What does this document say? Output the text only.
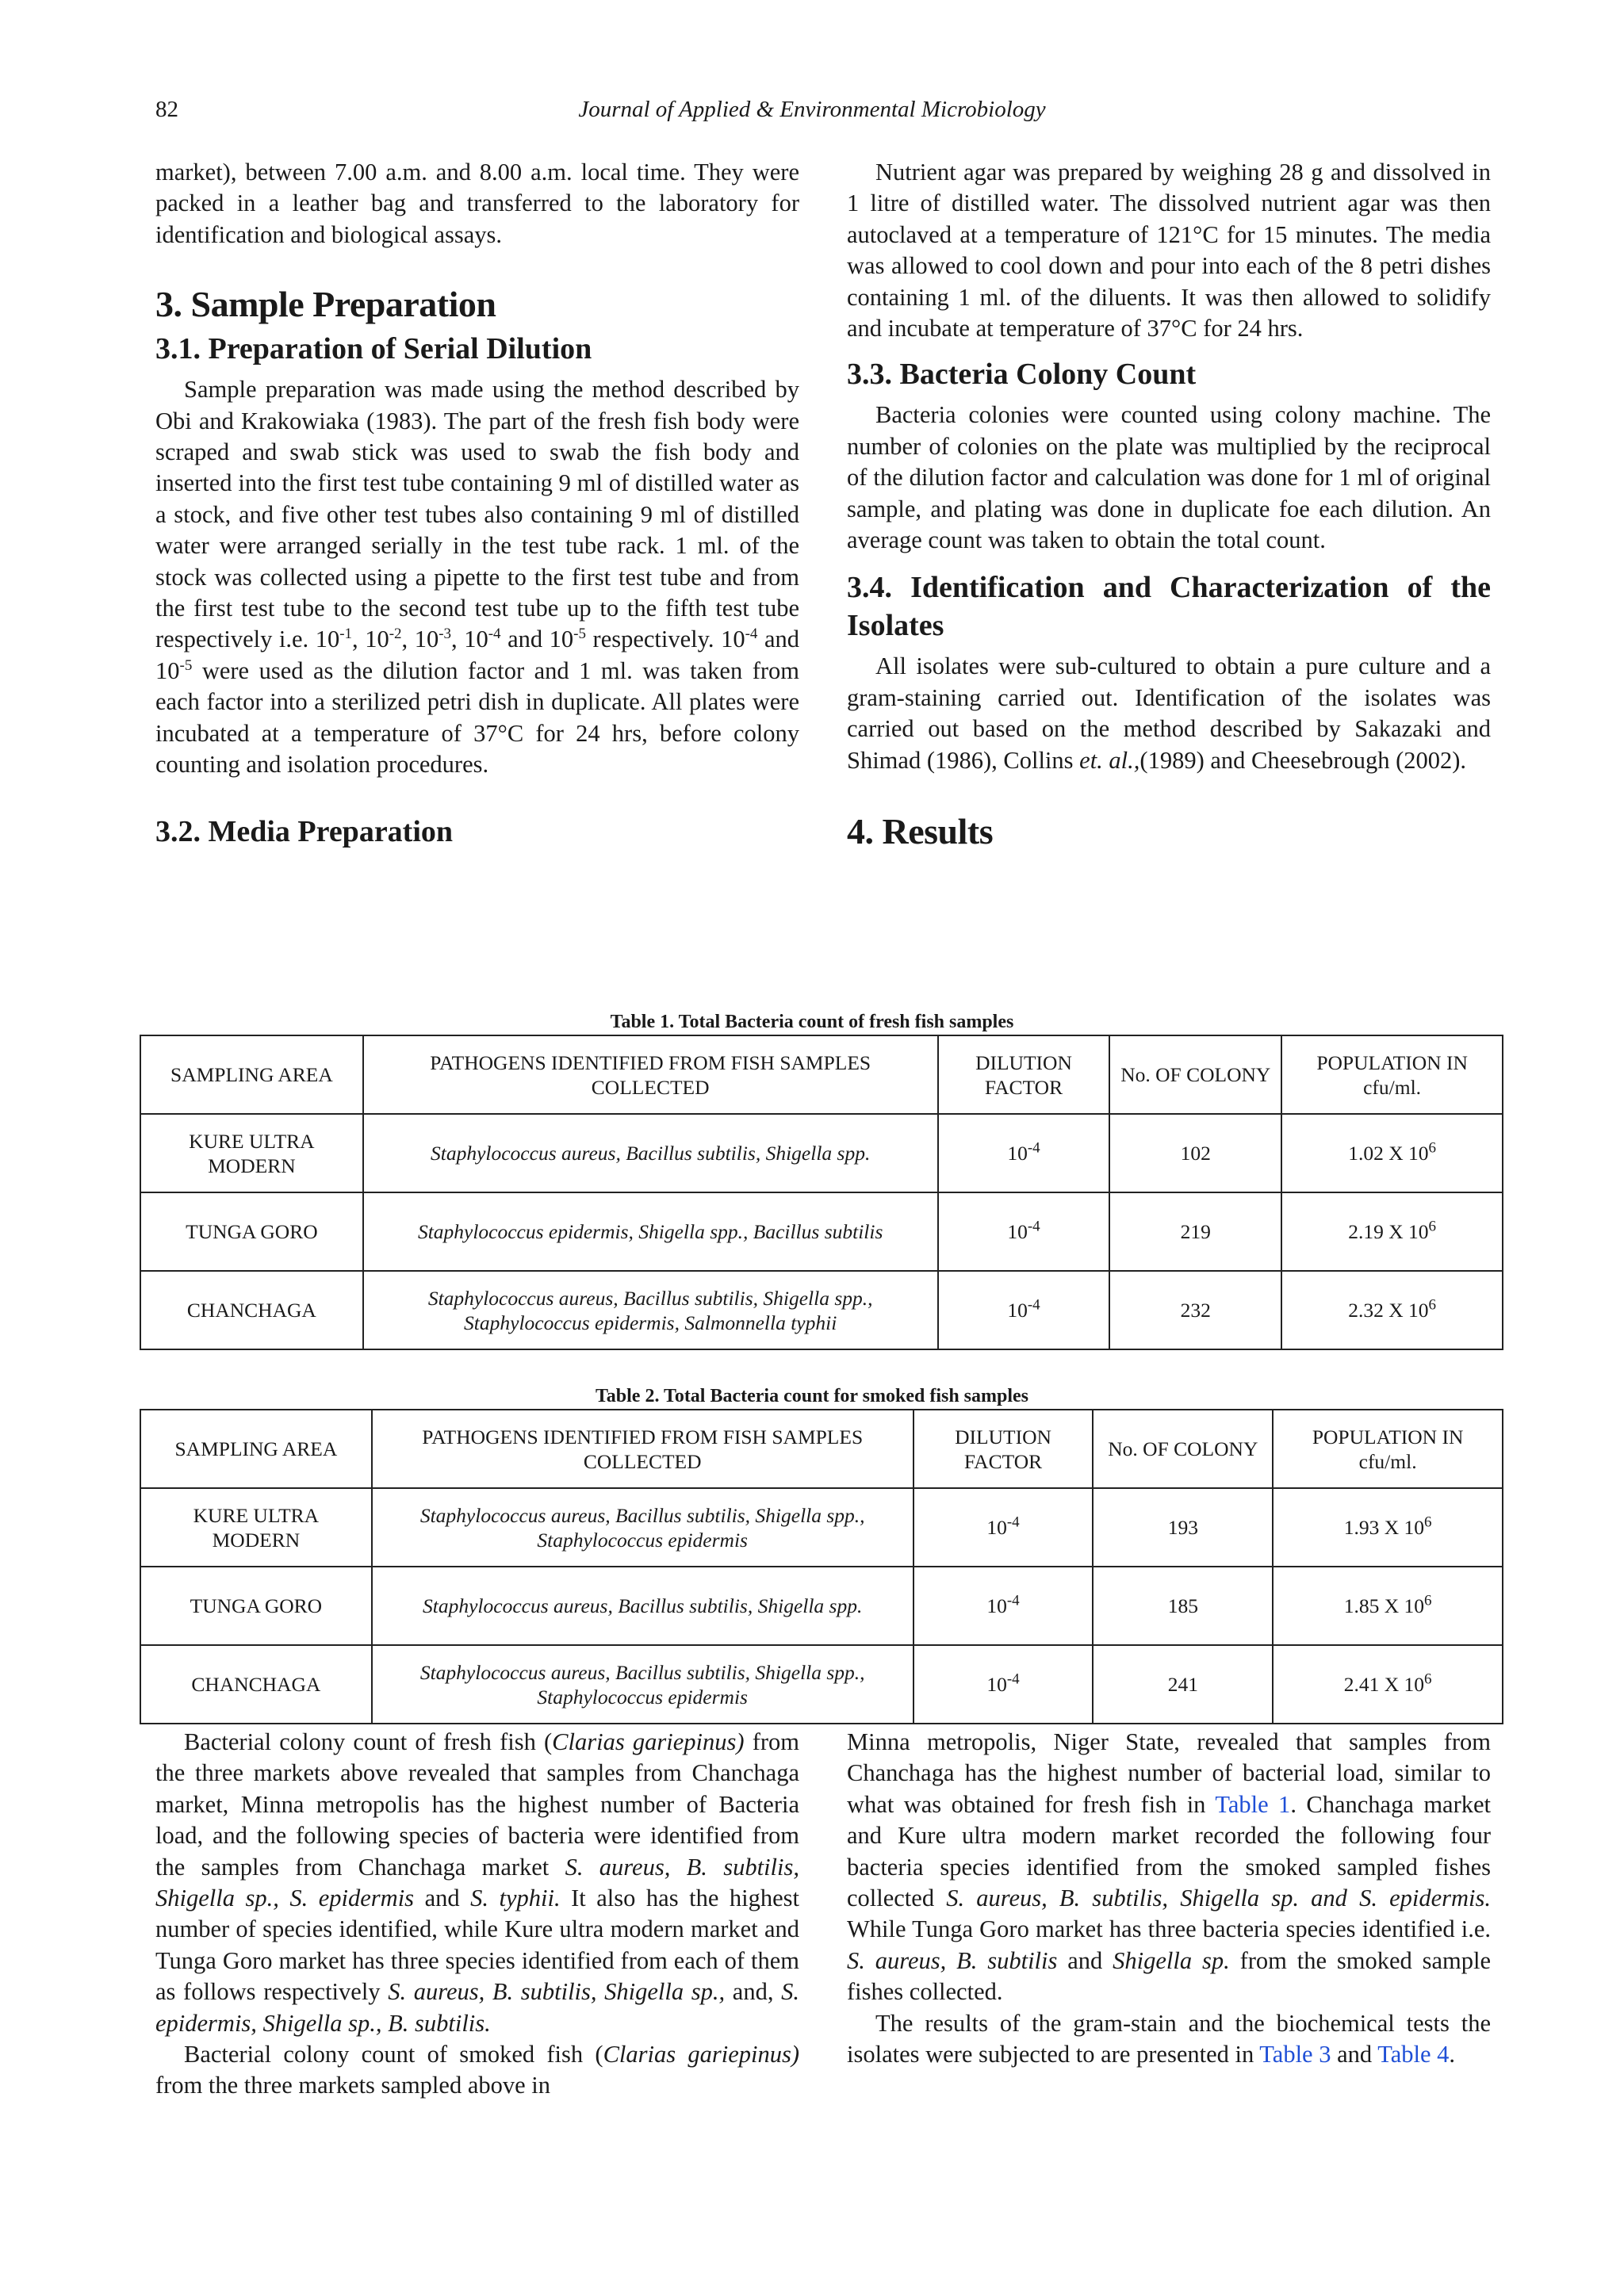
82	Journal of Applied & Environmental Microbiology

market), between 7.00 a.m. and 8.00 a.m. local time. They were packed in a leather bag and transferred to the laboratory for identification and biological assays.

3. Sample Preparation
3.1. Preparation of Serial Dilution

Sample preparation was made using the method described by Obi and Krakowiaka (1983). The part of the fresh fish body were scraped and swab stick was used to swab the fish body and inserted into the first test tube containing 9 ml of distilled water as a stock, and five other test tubes also containing 9 ml of distilled water were arranged serially in the test tube rack. 1 ml. of the stock was collected using a pipette to the first test tube and from the first test tube to the second test tube up to the fifth test tube respectively i.e. $10^{-1}$, $10^{-2}$, $10^{-3}$, $10^{-4}$ and $10^{-5}$ respectively. $10^{-4}$ and $10^{-5}$ were used as the dilution factor and 1 ml. was taken from each factor into a sterilized petri dish in duplicate. All plates were incubated at a temperature of 37°C for 24 hrs, before colony counting and isolation procedures.

3.2. Media Preparation

Nutrient agar was prepared by weighing 28 g and dissolved in 1 litre of distilled water. The dissolved nutrient agar was then autoclaved at a temperature of 121°C for 15 minutes. The media was allowed to cool down and pour into each of the 8 petri dishes containing 1 ml. of the diluents. It was then allowed to solidify and incubate at temperature of 37°C for 24 hrs.

3.3. Bacteria Colony Count

Bacteria colonies were counted using colony machine. The number of colonies on the plate was multiplied by the reciprocal of the dilution factor and calculation was done for 1 ml of original sample, and plating was done in duplicate foe each dilution. An average count was taken to obtain the total count.

3.4. Identification and Characterization of the Isolates

All isolates were sub-cultured to obtain a pure culture and a gram-staining carried out. Identification of the isolates was carried out based on the method described by Sakazaki and Shimad (1986), Collins et. al.,(1989) and Cheesebrough (2002).

4. Results
Table 1. Total Bacteria count of fresh fish samples
SAMPLING AREA	PATHOGENS IDENTIFIED FROM FISH SAMPLES COLLECTED	DILUTION FACTOR	No. OF COLONY	POPULATION IN cfu/ml.
KURE ULTRA MODERN	Staphylococcus aureus, Bacillus subtilis, Shigella spp.	$10^{-4}$	102	1.02 X $10^6$
TUNGA GORO	Staphylococcus epidermis, Shigella spp., Bacillus subtilis	$10^{-4}$	219	2.19 X $10^6$
CHANCHAGA	Staphylococcus aureus, Bacillus subtilis, Shigella spp.,
Staphylococcus epidermis, Salmonnella typhii	$10^{-4}$	232	2.32 X $10^6$
Table 2. Total Bacteria count for smoked fish samples
SAMPLING AREA	PATHOGENS IDENTIFIED FROM FISH SAMPLES COLLECTED	DILUTION FACTOR	No. OF COLONY	POPULATION IN cfu/ml.
KURE ULTRA MODERN	Staphylococcus aureus, Bacillus subtilis, Shigella spp.,
Staphylococcus epidermis	$10^{-4}$	193	1.93 X $10^6$
TUNGA GORO	Staphylococcus aureus, Bacillus subtilis, Shigella spp.	$10^{-4}$	185	1.85 X $10^6$
CHANCHAGA	Staphylococcus aureus, Bacillus subtilis, Shigella spp.,
Staphylococcus epidermis	$10^{-4}$	241	2.41 X $10^6$

Bacterial colony count of fresh fish (Clarias gariepinus) from the three markets above revealed that samples from Chanchaga market, Minna metropolis has the highest number of Bacteria load, and the following species of bacteria were identified from the samples from Chanchaga market S. aureus, B. subtilis, Shigella sp., S. epidermis and S. typhii. It also has the highest number of species identified, while Kure ultra modern market and Tunga Goro market has three species identified from each of them as follows respectively S. aureus, B. subtilis, Shigella sp., and, S. epidermis, Shigella sp., B. subtilis.

Bacterial colony count of smoked fish (Clarias gariepinus) from the three markets sampled above in

Minna metropolis, Niger State, revealed that samples from Chanchaga has the highest number of bacterial load, similar to what was obtained for fresh fish in Table 1. Chanchaga market and Kure ultra modern market recorded the following four bacteria species identified from the smoked sampled fishes collected S. aureus, B. subtilis, Shigella sp. and S. epidermis. While Tunga Goro market has three bacteria species identified i.e. S. aureus, B. subtilis and Shigella sp. from the smoked sample fishes collected.

The results of the gram-stain and the biochemical tests the isolates were subjected to are presented in Table 3 and Table 4.
